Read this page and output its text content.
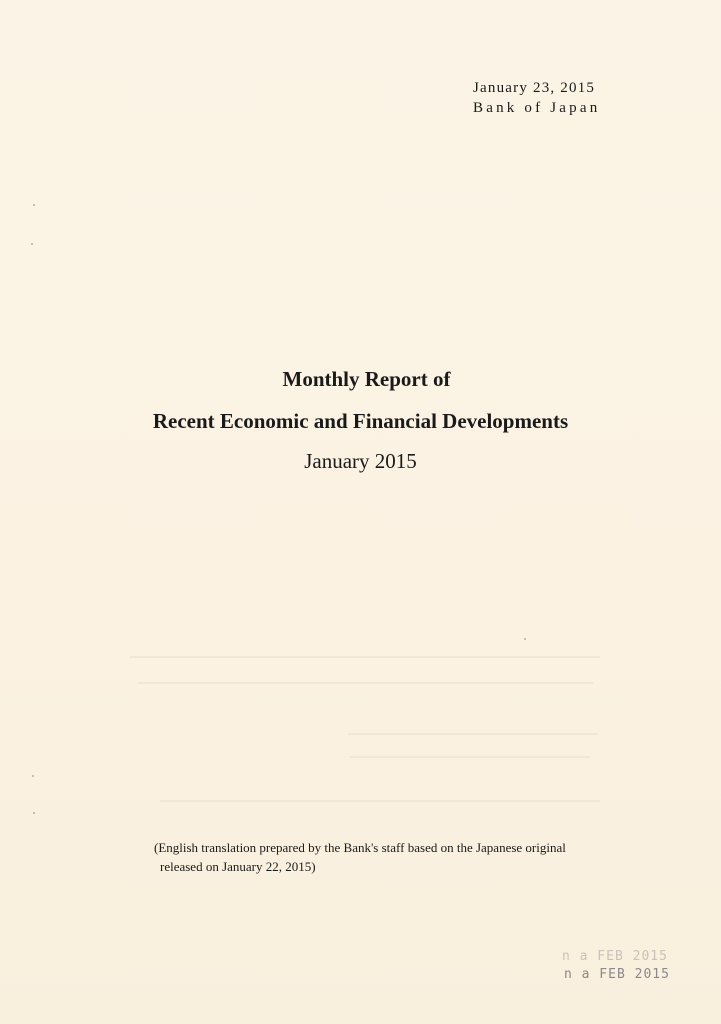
January 23, 2015
Bank of Japan
Monthly Report of
Recent Economic and Financial Developments
January 2015
(English translation prepared by the Bank's staff based on the Japanese original
released on January 22, 2015)
n a FEB 2015
n a FEB 2015
